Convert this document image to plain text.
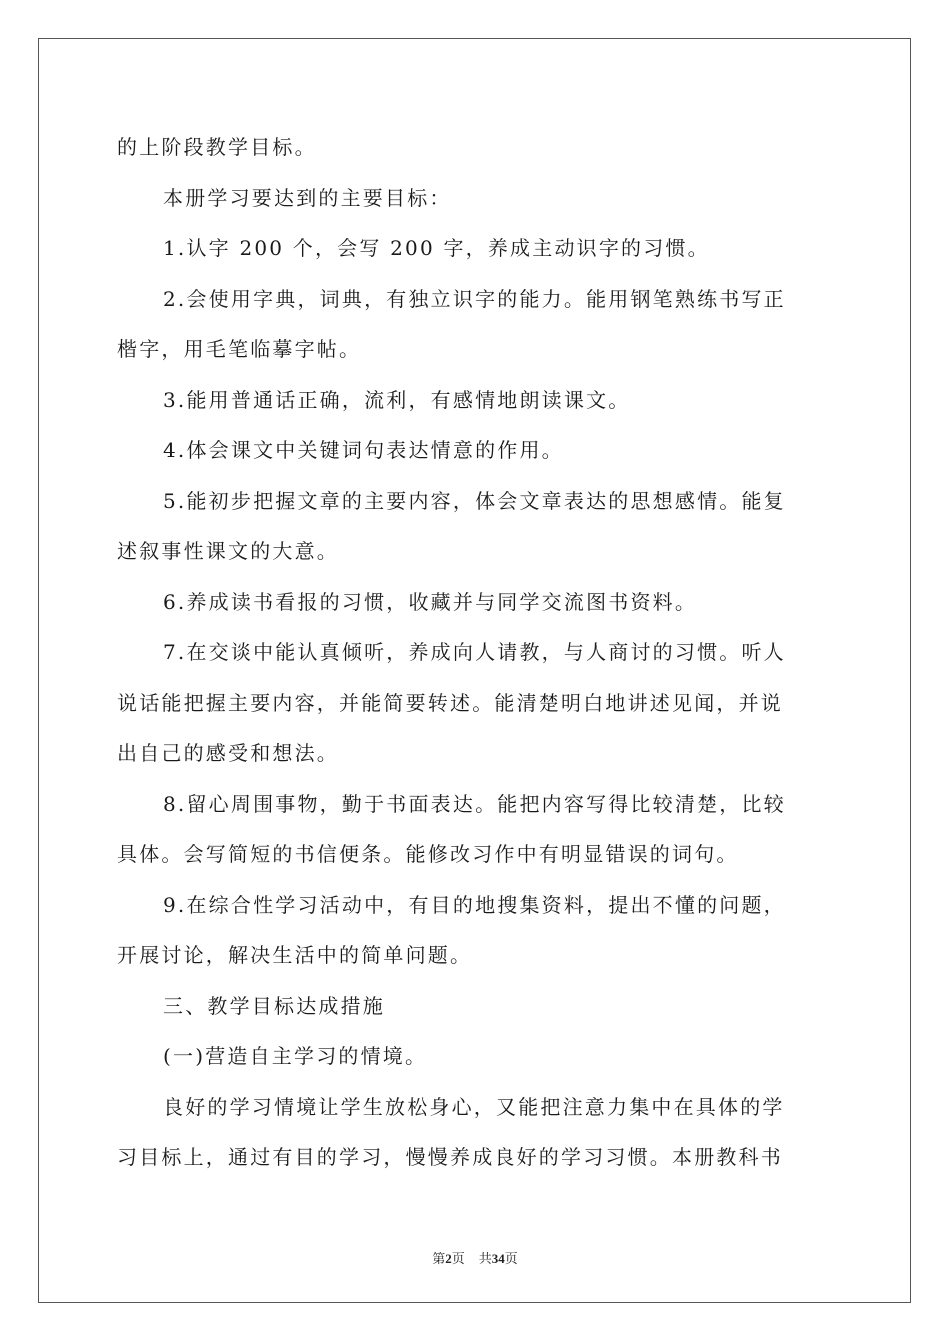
的上阶段教学目标。
本册学习要达到的主要目标：
1.认字 200 个，会写 200 字，养成主动识字的习惯。
2.会使用字典，词典，有独立识字的能力。能用钢笔熟练书写正
楷字，用毛笔临摹字帖。
3.能用普通话正确，流利，有感情地朗读课文。
4.体会课文中关键词句表达情意的作用。
5.能初步把握文章的主要内容，体会文章表达的思想感情。能复
述叙事性课文的大意。
6.养成读书看报的习惯，收藏并与同学交流图书资料。
7.在交谈中能认真倾听，养成向人请教，与人商讨的习惯。听人
说话能把握主要内容，并能简要转述。能清楚明白地讲述见闻，并说
出自己的感受和想法。
8.留心周围事物，勤于书面表达。能把内容写得比较清楚，比较
具体。会写简短的书信便条。能修改习作中有明显错误的词句。
9.在综合性学习活动中，有目的地搜集资料，提出不懂的问题，
开展讨论，解决生活中的简单问题。
三、教学目标达成措施
(一)营造自主学习的情境。
良好的学习情境让学生放松身心，又能把注意力集中在具体的学
习目标上，通过有目的学习，慢慢养成良好的学习习惯。本册教科书
第2页 共34页
